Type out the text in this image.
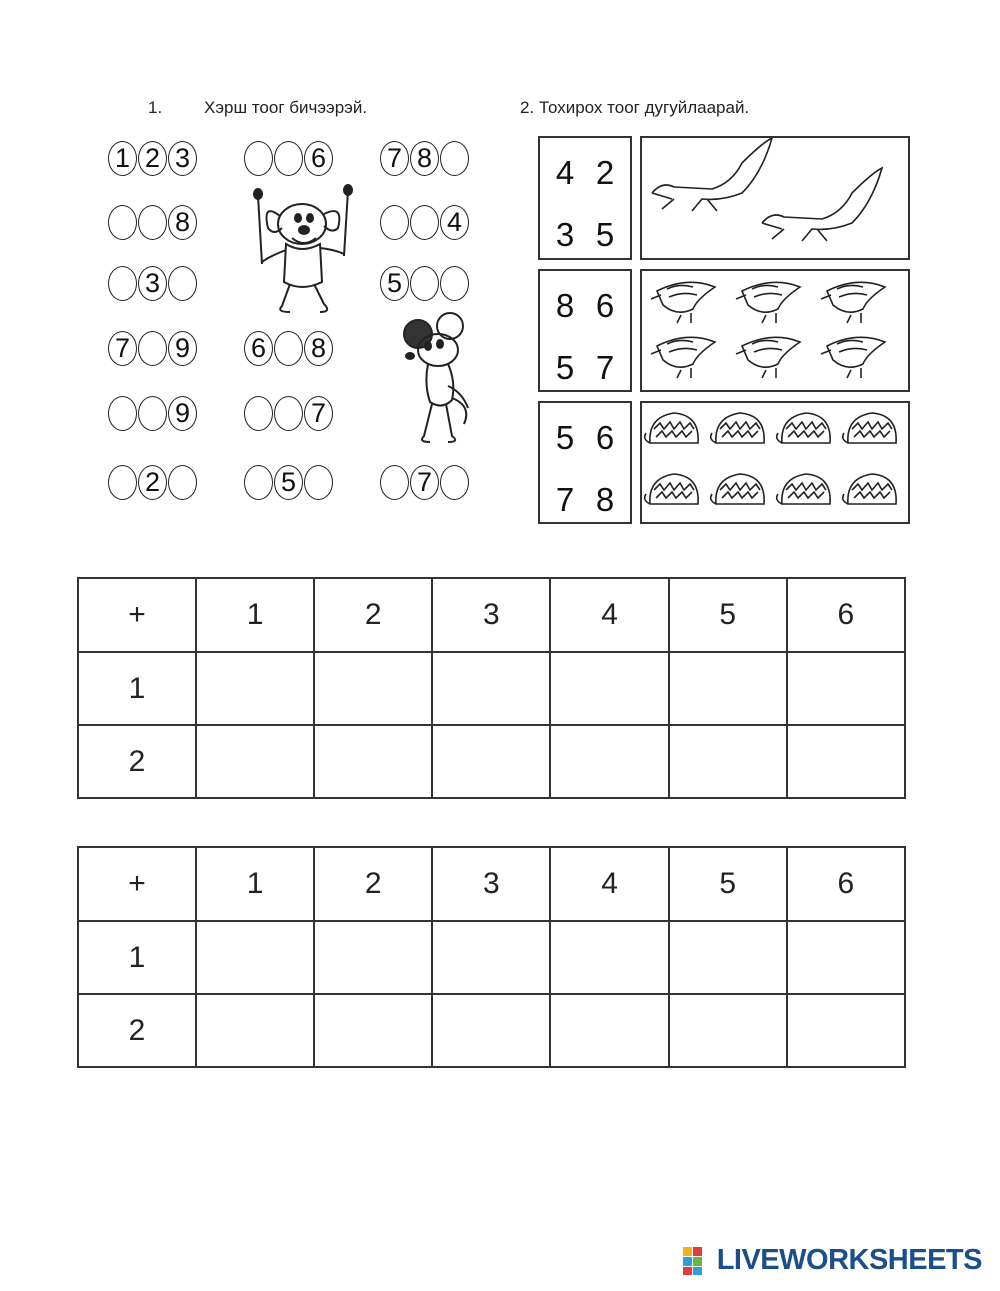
1. Хэрш тоог бичээрэй.	2. Тохирох тоог дугуйлаарай.
1 2 3	6 7 8
8	4
3	5
7 9 6 8
9	7
2	5	7
4 2
3 5
8 6
5 7
5 6
7 8
+	1	2	3	4	5	6
1						
2						
+	1	2	3	4	5	6
1						
2						
LIVEWORKSHEETS
